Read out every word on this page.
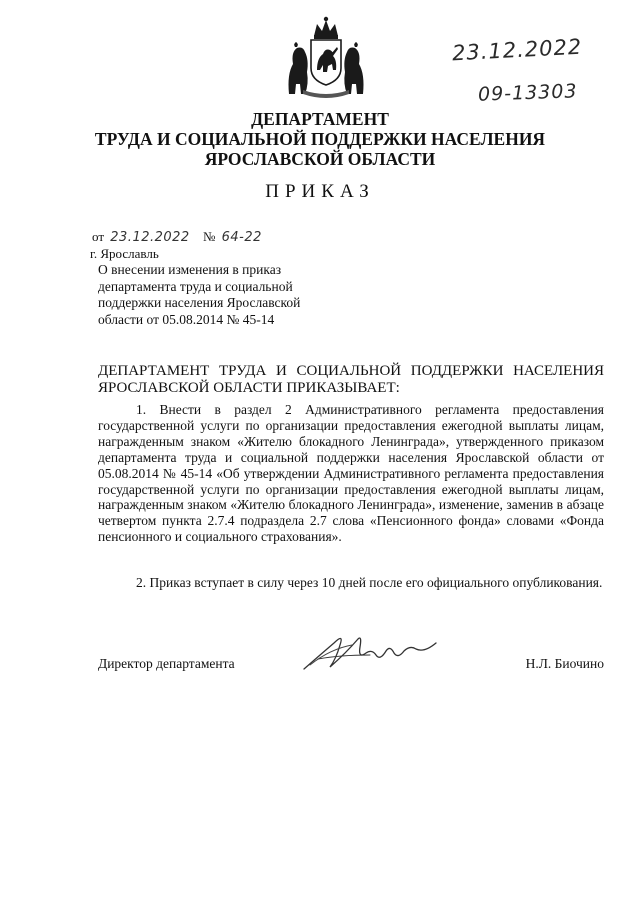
23.12.2022
09-13303
ДЕПАРТАМЕНТ
ТРУДА И СОЦИАЛЬНОЙ ПОДДЕРЖКИ НАСЕЛЕНИЯ
ЯРОСЛАВСКОЙ ОБЛАСТИ
ПРИКАЗ
от 23.12.2022 № 64-22
г. Ярославль
О внесении изменения в приказ
департамента труда и социальной
поддержки населения Ярославской
области от 05.08.2014 № 45-14
ДЕПАРТАМЕНТ ТРУДА И СОЦИАЛЬНОЙ ПОДДЕРЖКИ НАСЕЛЕНИЯ ЯРОСЛАВСКОЙ ОБЛАСТИ ПРИКАЗЫВАЕТ:
1. Внести в раздел 2 Административного регламента предоставления государственной услуги по организации предоставления ежегодной выплаты лицам, награжденным знаком «Жителю блокадного Ленинграда», утвержденного приказом департамента труда и социальной поддержки населения Ярославской области от 05.08.2014 № 45-14 «Об утверждении Административного регламента предоставления государственной услуги по организации предоставления ежегодной выплаты лицам, награжденным знаком «Жителю блокадного Ленинграда», изменение, заменив в абзаце четвертом пункта 2.7.4 подраздела 2.7 слова «Пенсионного фонда» словами «Фонда пенсионного и социального страхования».
2. Приказ вступает в силу через 10 дней после его официального опубликования.
Директор департамента	Н.Л. Биочино
